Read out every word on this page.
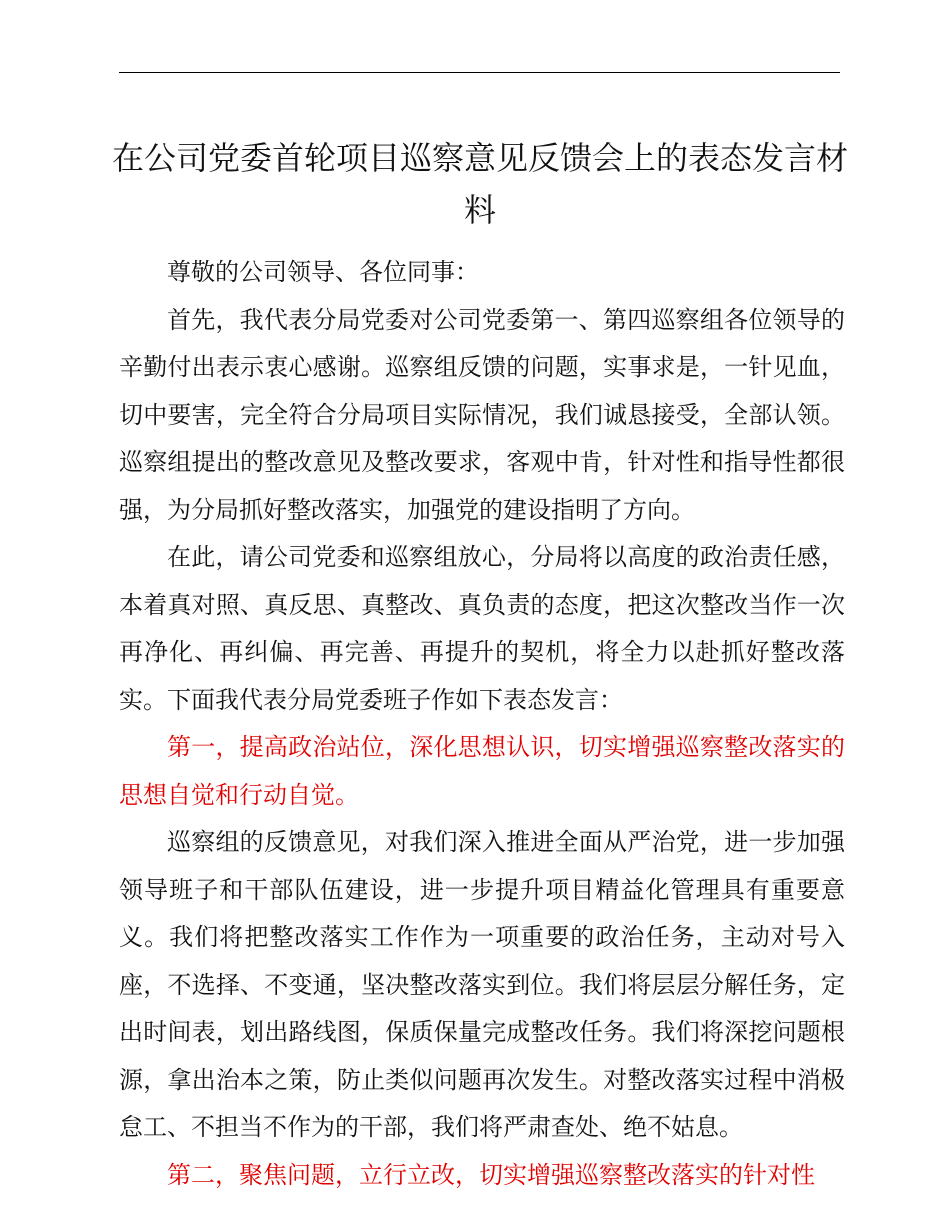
在公司党委首轮项目巡察意见反馈会上的表态发言材料

尊敬的公司领导、各位同事：

首先，我代表分局党委对公司党委第一、第四巡察组各位领导的辛勤付出表示衷心感谢。巡察组反馈的问题，实事求是，一针见血，切中要害，完全符合分局项目实际情况，我们诚恳接受，全部认领。巡察组提出的整改意见及整改要求，客观中肯，针对性和指导性都很强，为分局抓好整改落实，加强党的建设指明了方向。

在此，请公司党委和巡察组放心，分局将以高度的政治责任感，本着真对照、真反思、真整改、真负责的态度，把这次整改当作一次再净化、再纠偏、再完善、再提升的契机，将全力以赴抓好整改落实。下面我代表分局党委班子作如下表态发言：

第一，提高政治站位，深化思想认识，切实增强巡察整改落实的思想自觉和行动自觉。

巡察组的反馈意见，对我们深入推进全面从严治党，进一步加强领导班子和干部队伍建设，进一步提升项目精益化管理具有重要意义。我们将把整改落实工作作为一项重要的政治任务，主动对号入座，不选择、不变通，坚决整改落实到位。我们将层层分解任务，定出时间表，划出路线图，保质保量完成整改任务。我们将深挖问题根源，拿出治本之策，防止类似问题再次发生。对整改落实过程中消极怠工、不担当不作为的干部，我们将严肃查处、绝不姑息。

第二，聚焦问题，立行立改，切实增强巡察整改落实的针对性
